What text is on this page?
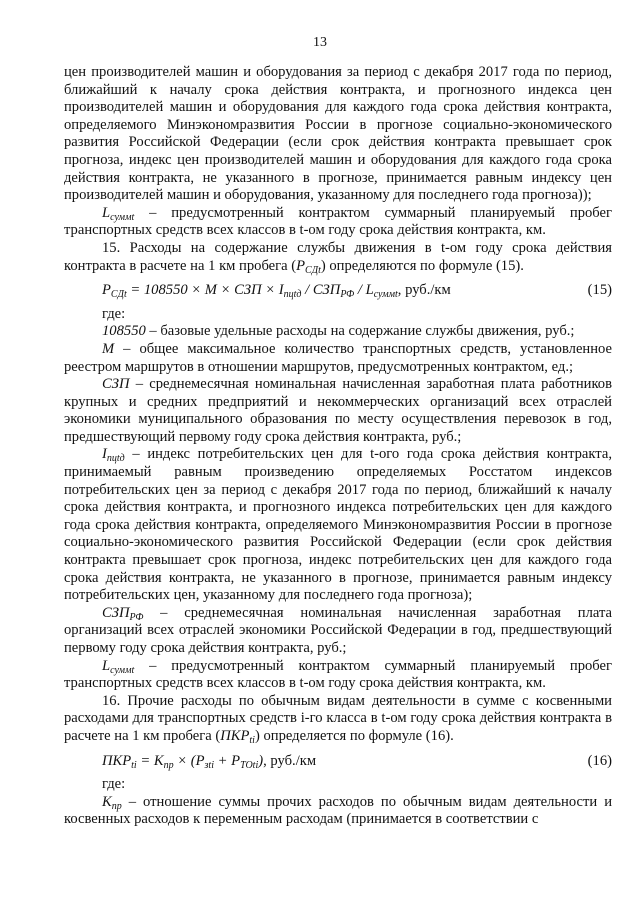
13

цен производителей машин и оборудования за период с декабря 2017 года по период, ближайший к началу срока действия контракта, и прогнозного индекса цен производителей машин и оборудования для каждого года срока действия контракта, определяемого Минэкономразвития России в прогнозе социально-экономического развития Российской Федерации (если срок действия контракта превышает срок прогноза, индекс цен производителей машин и оборудования для каждого года срока действия контракта, не указанного в прогнозе, принимается равным индексу цен производителей машин и оборудования, указанному для последнего года прогноза));

$L_{суммt}$ – предусмотренный контрактом суммарный планируемый пробег транспортных средств всех классов в t-ом году срока действия контракта, км.

15. Расходы на содержание службы движения в t-ом году срока действия контракта в расчете на 1 км пробега $(P_{СДt})$ определяются по формуле (15).

$P_{СДt} = 108550 \times M$ × СЗП × $I_{пцtд} / СЗП_{РФ} / L_{суммt}$, руб./км	(15)

где:

108550 – базовые удельные расходы на содержание службы движения, руб.;

M – общее максимальное количество транспортных средств, установленное реестром маршрутов в отношении маршрутов, предусмотренных контрактом, ед.;

СЗП – среднемесячная номинальная начисленная заработная плата работников крупных и средних предприятий и некоммерческих организаций всех отраслей экономики муниципального образования по месту осуществления перевозок в год, предшествующий первому году срока действия контракта, руб.;

$I_{пцtд}$ – индекс потребительских цен для t-ого года срока действия контракта, принимаемый равным произведению определяемых Росстатом индексов потребительских цен за период с декабря 2017 года по период, ближайший к началу срока действия контракта, и прогнозного индекса потребительских цен для каждого года срока действия контракта, определяемого Минэкономразвития России в прогнозе социально-экономического развития Российской Федерации (если срок действия контракта превышает срок прогноза, индекс потребительских цен для каждого года срока действия контракта, не указанного в прогнозе, принимается равным индексу потребительских цен, указанному для последнего года прогноза);

$СЗП_{РФ}$ – среднемесячная номинальная начисленная заработная плата организаций всех отраслей экономики Российской Федерации в год, предшествующий первому году срока действия контракта, руб.;

$L_{суммt}$ – предусмотренный контрактом суммарный планируемый пробег транспортных средств всех классов в t-ом году срока действия контракта, км.

16. Прочие расходы по обычным видам деятельности в сумме с косвенными расходами для транспортных средств i-го класса в t-ом году срока действия контракта в расчете на 1 км пробега $(ПКР_{ti})$ определяется по формуле (16).

$ПКР_{ti} = K_{пр} \times (P_{зti} + P_{TOti})$, руб./км	(16)

где:

$K_{пр}$ – отношение суммы прочих расходов по обычным видам деятельности и косвенных расходов к переменным расходам (принимается в соответствии с
